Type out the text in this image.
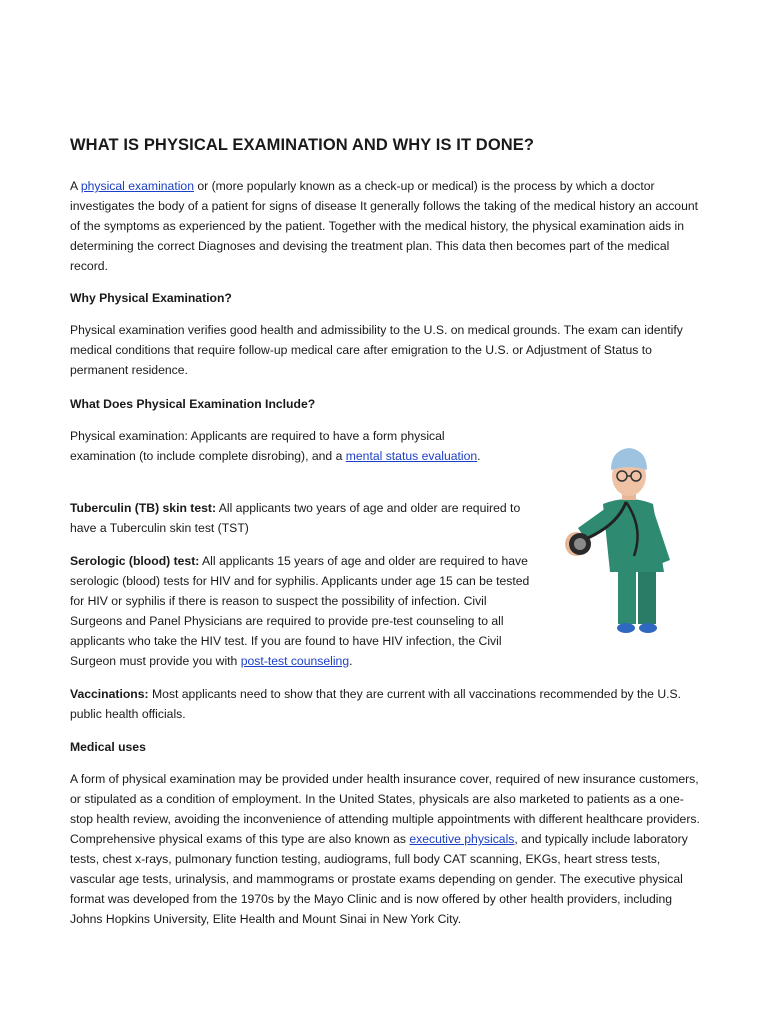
WHAT IS PHYSICAL EXAMINATION AND WHY IS IT DONE?

A physical examination or (more popularly known as a check-up or medical) is the process by which a doctor investigates the body of a patient for signs of disease It generally follows the taking of the medical history an account of the symptoms as experienced by the patient. Together with the medical history, the physical examination aids in determining the correct Diagnoses and devising the treatment plan. This data then becomes part of the medical record.

Why Physical Examination?

Physical examination verifies good health and admissibility to the U.S. on medical grounds. The exam can identify medical conditions that require follow-up medical care after emigration to the U.S. or Adjustment of Status to permanent residence.

What Does Physical Examination Include?

Physical examination: Applicants are required to have a form physical examination (to include complete disrobing), and a mental status evaluation.

Tuberculin (TB) skin test: All applicants two years of age and older are required to have a Tuberculin skin test (TST)

Serologic (blood) test: All applicants 15 years of age and older are required to have serologic (blood) tests for HIV and for syphilis. Applicants under age 15 can be tested for HIV or syphilis if there is reason to suspect the possibility of infection. Civil Surgeons and Panel Physicians are required to provide pre-test counseling to all applicants who take the HIV test. If you are found to have HIV infection, the Civil Surgeon must provide you with post-test counseling.

Vaccinations: Most applicants need to show that they are current with all vaccinations recommended by the U.S. public health officials.

Medical uses

A form of physical examination may be provided under health insurance cover, required of new insurance customers, or stipulated as a condition of employment. In the United States, physicals are also marketed to patients as a one-stop health review, avoiding the inconvenience of attending multiple appointments with different healthcare providers. Comprehensive physical exams of this type are also known as executive physicals, and typically include laboratory tests, chest x-rays, pulmonary function testing, audiograms, full body CAT scanning, EKGs, heart stress tests, vascular age tests, urinalysis, and mammograms or prostate exams depending on gender. The executive physical format was developed from the 1970s by the Mayo Clinic and is now offered by other health providers, including Johns Hopkins University, Elite Health and Mount Sinai in New York City.
